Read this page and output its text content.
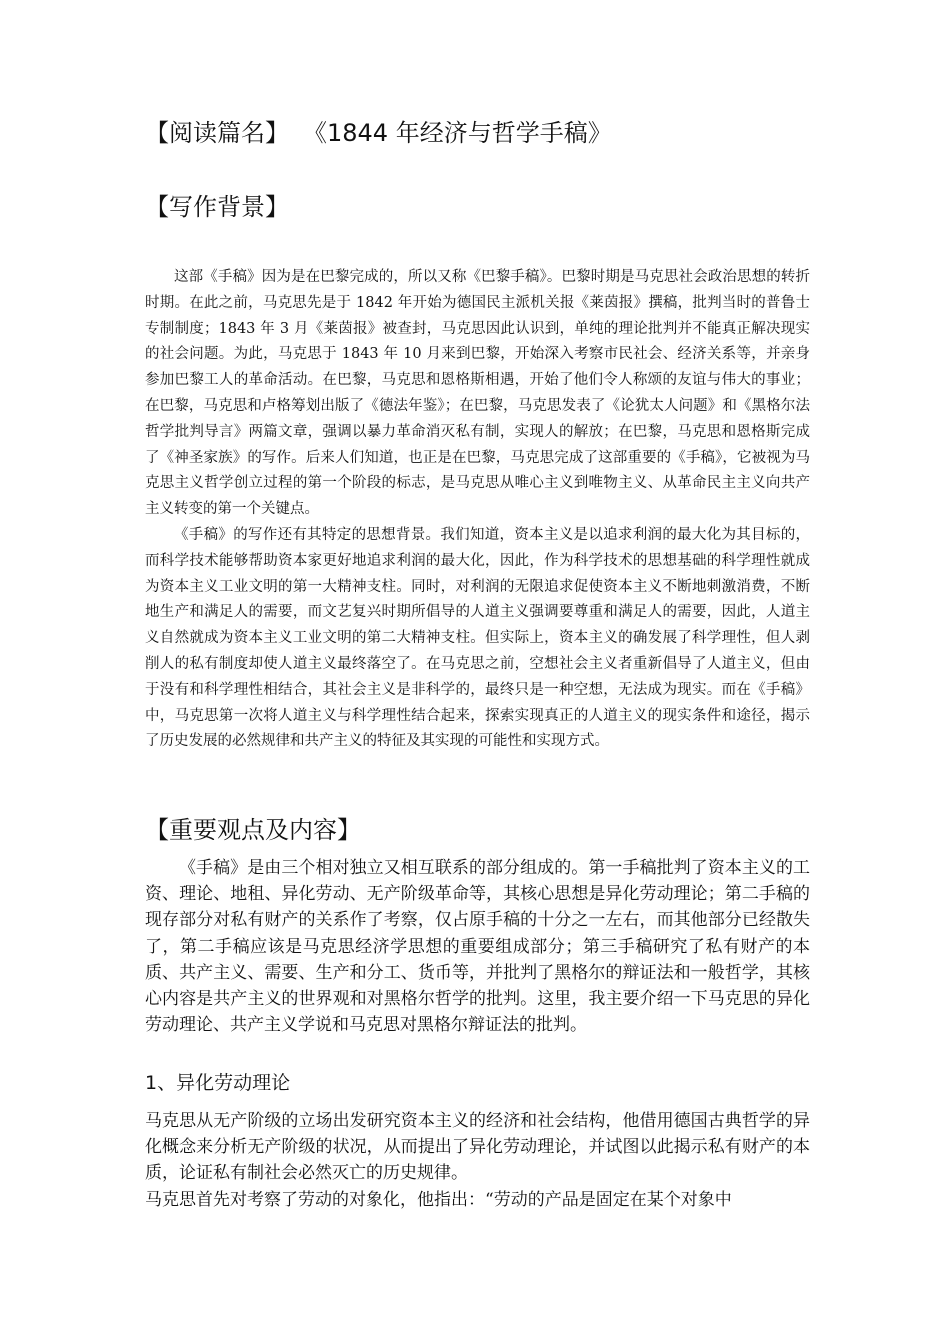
【阅读篇名】 《1844 年经济与哲学手稿》
【写作背景】

这部《手稿》因为是在巴黎完成的，所以又称《巴黎手稿》。巴黎时期是马克思社会政治思想的转折时期。在此之前，马克思先是于 1842 年开始为德国民主派机关报《莱茵报》撰稿，批判当时的普鲁士专制制度；1843 年 3 月《莱茵报》被查封，马克思因此认识到，单纯的理论批判并不能真正解决现实的社会问题。为此，马克思于 1843 年 10 月来到巴黎，开始深入考察市民社会、经济关系等，并亲身参加巴黎工人的革命活动。在巴黎，马克思和恩格斯相遇，开始了他们令人称颂的友谊与伟大的事业；在巴黎，马克思和卢格筹划出版了《德法年鉴》；在巴黎，马克思发表了《论犹太人问题》和《黑格尔法哲学批判导言》两篇文章，强调以暴力革命消灭私有制，实现人的解放；在巴黎，马克思和恩格斯完成了《神圣家族》的写作。后来人们知道，也正是在巴黎，马克思完成了这部重要的《手稿》，它被视为马克思主义哲学创立过程的第一个阶段的标志，是马克思从唯心主义到唯物主义、从革命民主主义向共产主义转变的第一个关键点。

《手稿》的写作还有其特定的思想背景。我们知道，资本主义是以追求利润的最大化为其目标的，而科学技术能够帮助资本家更好地追求利润的最大化，因此，作为科学技术的思想基础的科学理性就成为资本主义工业文明的第一大精神支柱。同时，对利润的无限追求促使资本主义不断地刺激消费，不断地生产和满足人的需要，而文艺复兴时期所倡导的人道主义强调要尊重和满足人的需要，因此，人道主义自然就成为资本主义工业文明的第二大精神支柱。但实际上，资本主义的确发展了科学理性，但人剥削人的私有制度却使人道主义最终落空了。在马克思之前，空想社会主义者重新倡导了人道主义，但由于没有和科学理性相结合，其社会主义是非科学的，最终只是一种空想，无法成为现实。而在《手稿》中，马克思第一次将人道主义与科学理性结合起来，探索实现真正的人道主义的现实条件和途径，揭示了历史发展的必然规律和共产主义的特征及其实现的可能性和实现方式。

【重要观点及内容】

《手稿》是由三个相对独立又相互联系的部分组成的。第一手稿批判了资本主义的工资、理论、地租、异化劳动、无产阶级革命等，其核心思想是异化劳动理论；第二手稿的现存部分对私有财产的关系作了考察，仅占原手稿的十分之一左右，而其他部分已经散失了，第二手稿应该是马克思经济学思想的重要组成部分；第三手稿研究了私有财产的本质、共产主义、需要、生产和分工、货币等，并批判了黑格尔的辩证法和一般哲学，其核心内容是共产主义的世界观和对黑格尔哲学的批判。这里，我主要介绍一下马克思的异化劳动理论、共产主义学说和马克思对黑格尔辩证法的批判。

1、异化劳动理论

马克思从无产阶级的立场出发研究资本主义的经济和社会结构，他借用德国古典哲学的异化概念来分析无产阶级的状况，从而提出了异化劳动理论，并试图以此揭示私有财产的本质，论证私有制社会必然灭亡的历史规律。

马克思首先对考察了劳动的对象化，他指出：“劳动的产品是固定在某个对象中
